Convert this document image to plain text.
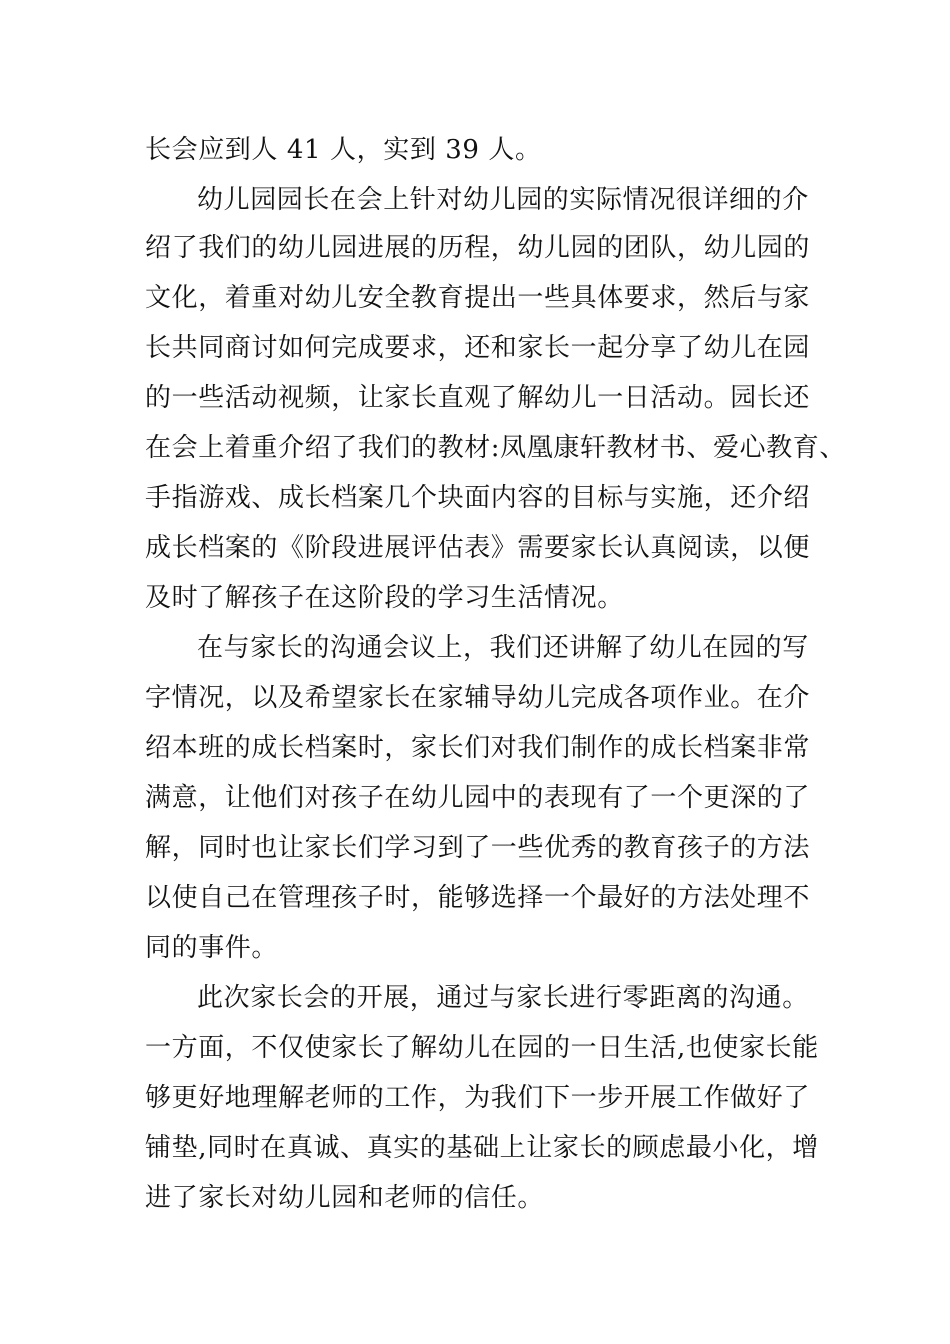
长会应到人 41 人，实到 39 人。
幼儿园园长在会上针对幼儿园的实际情况很详细的介
绍了我们的幼儿园进展的历程，幼儿园的团队，幼儿园的
文化，着重对幼儿安全教育提出一些具体要求，然后与家
长共同商讨如何完成要求，还和家长一起分享了幼儿在园
的一些活动视频，让家长直观了解幼儿一日活动。园长还
在会上着重介绍了我们的教材:凤凰康轩教材书、爱心教育、
手指游戏、成长档案几个块面内容的目标与实施，还介绍
成长档案的《阶段进展评估表》需要家长认真阅读，以便
及时了解孩子在这阶段的学习生活情况。
在与家长的沟通会议上，我们还讲解了幼儿在园的写
字情况，以及希望家长在家辅导幼儿完成各项作业。在介
绍本班的成长档案时，家长们对我们制作的成长档案非常
满意，让他们对孩子在幼儿园中的表现有了一个更深的了
解，同时也让家长们学习到了一些优秀的教育孩子的方法
以使自己在管理孩子时，能够选择一个最好的方法处理不
同的事件。
此次家长会的开展，通过与家长进行零距离的沟通。
一方面，不仅使家长了解幼儿在园的一日生活,也使家长能
够更好地理解老师的工作，为我们下一步开展工作做好了
铺垫,同时在真诚、真实的基础上让家长的顾虑最小化，增
进了家长对幼儿园和老师的信任。
